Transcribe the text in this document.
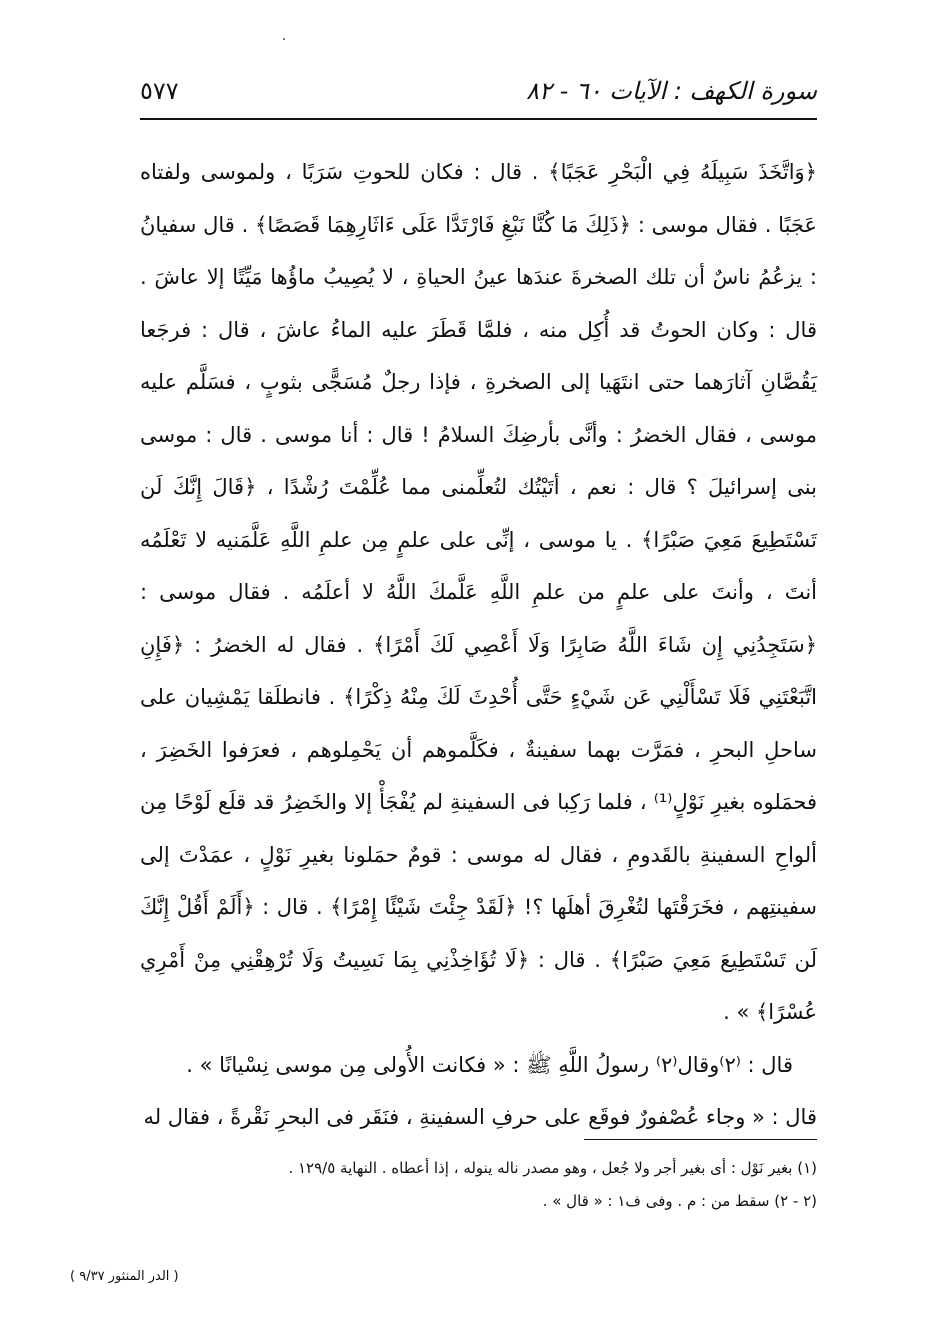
سورة الكهف : الآيات ٦٠ - ٨٢
٥٧٧

﴿وَاتَّخَذَ سَبِيلَهُ فِي الْبَحْرِ عَجَبًا﴾ . قال : فكان للحوتِ سَرَبًا ، ولموسى ولفتاه عَجَبًا . فقال موسى : ﴿ذَلِكَ مَا كُنَّا نَبْغِ فَارْتَدَّا عَلَى ءَاثَارِهِمَا قَصَصًا﴾ . قال سفيانُ : يزعُمُ ناسٌ أن تلك الصخرةَ عندَها عينُ الحياةِ ، لا يُصِيبُ ماؤُها مَيِّتًا إلا عاشَ . قال : وكان الحوتُ قد أُكِل منه ، فلمَّا قَطَرَ عليه الماءُ عاشَ ، قال : فرجَعا يَقُصَّانِ آثارَهما حتى انتَهَيا إلى الصخرةِ ، فإذا رجلٌ مُسَجًّى بثوبٍ ، فسَلَّم عليه موسى ، فقال الخضرُ : وأنَّى بأرضِكَ السلامُ ! قال : أنا موسى . قال : موسى بنى إسرائيلَ ؟ قال : نعم ، أتَيْتُك لتُعلِّمنى مما عُلِّمْتَ رُشْدًا ، ﴿قَالَ إِنَّكَ لَن تَسْتَطِيعَ مَعِيَ صَبْرًا﴾ . يا موسى ، إنِّى على علمٍ مِن علمِ اللَّهِ عَلَّمَنيه لا تَعْلَمُه أنتَ ، وأنتَ على علمٍ من علمِ اللَّهِ عَلَّمكَ اللَّهُ لا أعلَمُه . فقال موسى : ﴿سَتَجِدُنِي إِن شَاءَ اللَّهُ صَابِرًا وَلَا أَعْصِي لَكَ أَمْرًا﴾ . فقال له الخضرُ : ﴿فَإِنِ اتَّبَعْتَنِي فَلَا تَسْأَلْنِي عَن شَيْءٍ حَتَّى أُحْدِثَ لَكَ مِنْهُ ذِكْرًا﴾ . فانطلَقا يَمْشِيان على ساحلِ البحرِ ، فمَرَّت بهما سفينةٌ ، فكَلَّموهم أن يَحْمِلوهم ، فعرَفوا الخَضِرَ ، فحمَلوه بغيرِ نَوْلٍ⁽¹⁾ ، فلما رَكِبا فى السفينةِ لم يُفْجَأْ إلا والخَضِرُ قد قلَع لَوْحًا مِن ألواحِ السفينةِ بالقَدومِ ، فقال له موسى : قومٌ حمَلونا بغيرِ نَوْلٍ ، عمَدْتَ إلى سفينتِهم ، فخَرَقْتَها لتُغْرِقَ أهلَها ؟! ﴿لَقَدْ جِئْتَ شَيْئًا إِمْرًا﴾ . قال : ﴿أَلَمْ أَقُلْ إِنَّكَ لَن تَسْتَطِيعَ مَعِيَ صَبْرًا﴾ . قال : ﴿لَا تُؤَاخِذْنِي بِمَا نَسِيتُ وَلَا تُرْهِقْنِي مِنْ أَمْرِي عُسْرًا﴾ » .

قال : ⁽٢⁾وقال⁽٢⁾ رسولُ اللَّهِ ﷺ : « فكانت الأُولى مِن موسى نِسْيانًا » .

قال : « وجاء عُصْفورٌ فوقَع على حرفِ السفينةِ ، فنَقَر فى البحرِ نَقْرةً ، فقال له

(١) بغير نَوْل : أى بغير أجر ولا جُعل ، وهو مصدر ناله ينوله ، إذا أعطاه . النهاية ١٢٩/٥ .
(٢ - ٢) سقط من : م . وفى ف١ : « قال » .
( الدر المنثور ٩/٣٧ )
